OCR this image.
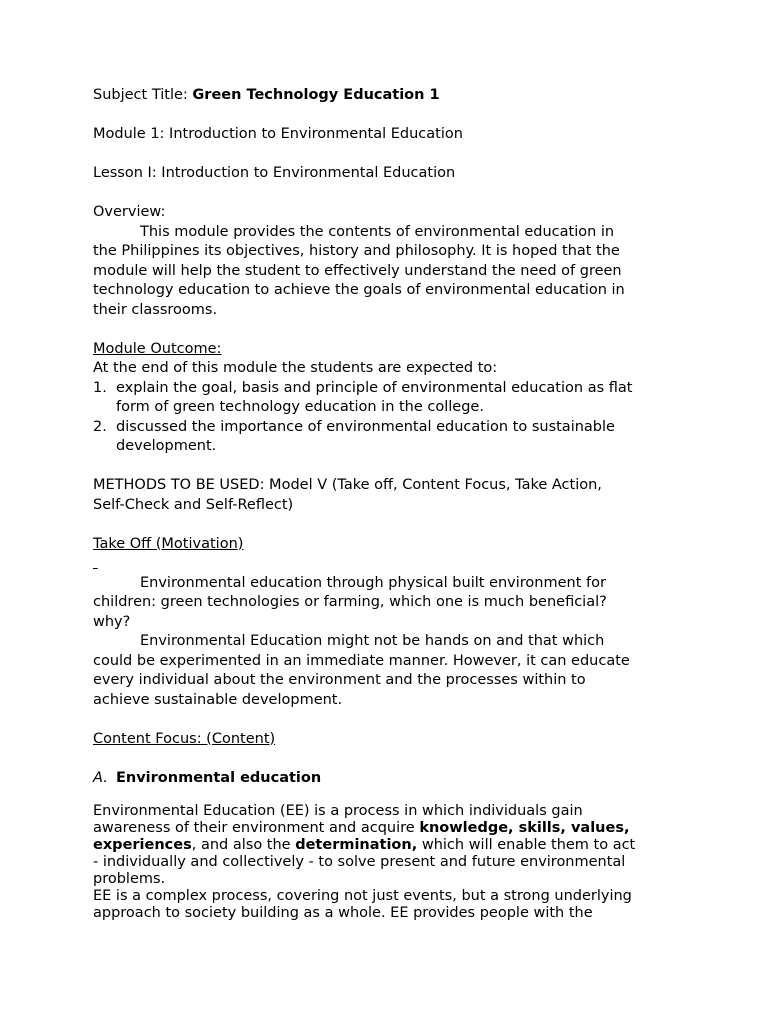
Subject Title: Green Technology Education 1

Module 1: Introduction to Environmental Education

Lesson I: Introduction to Environmental Education

Overview:

This module provides the contents of environmental education in

the Philippines its objectives, history and philosophy. It is hoped that the

module will help the student to effectively understand the need of green

technology education to achieve the goals of environmental education in

their classrooms.

Module Outcome:

At the end of this module the students are expected to:

1. explain the goal, basis and principle of environmental education as flat
form of green technology education in the college.
2. discussed the importance of environmental education to sustainable
development.

METHODS TO BE USED: Model V (Take off, Content Focus, Take Action,

Self-Check and Self-Reflect)

Take Off (Motivation)

Environmental education through physical built environment for

children: green technologies or farming, which one is much beneficial?

why?

Environmental Education might not be hands on and that which

could be experimented in an immediate manner. However, it can educate

every individual about the environment and the processes within to

achieve sustainable development.

Content Focus: (Content)

A. Environmental education

Environmental Education (EE) is a process in which individuals gain

awareness of their environment and acquire knowledge, skills, values,

experiences, and also the determination, which will enable them to act

- individually and collectively - to solve present and future environmental

problems.

EE is a complex process, covering not just events, but a strong underlying

approach to society building as a whole. EE provides people with the
